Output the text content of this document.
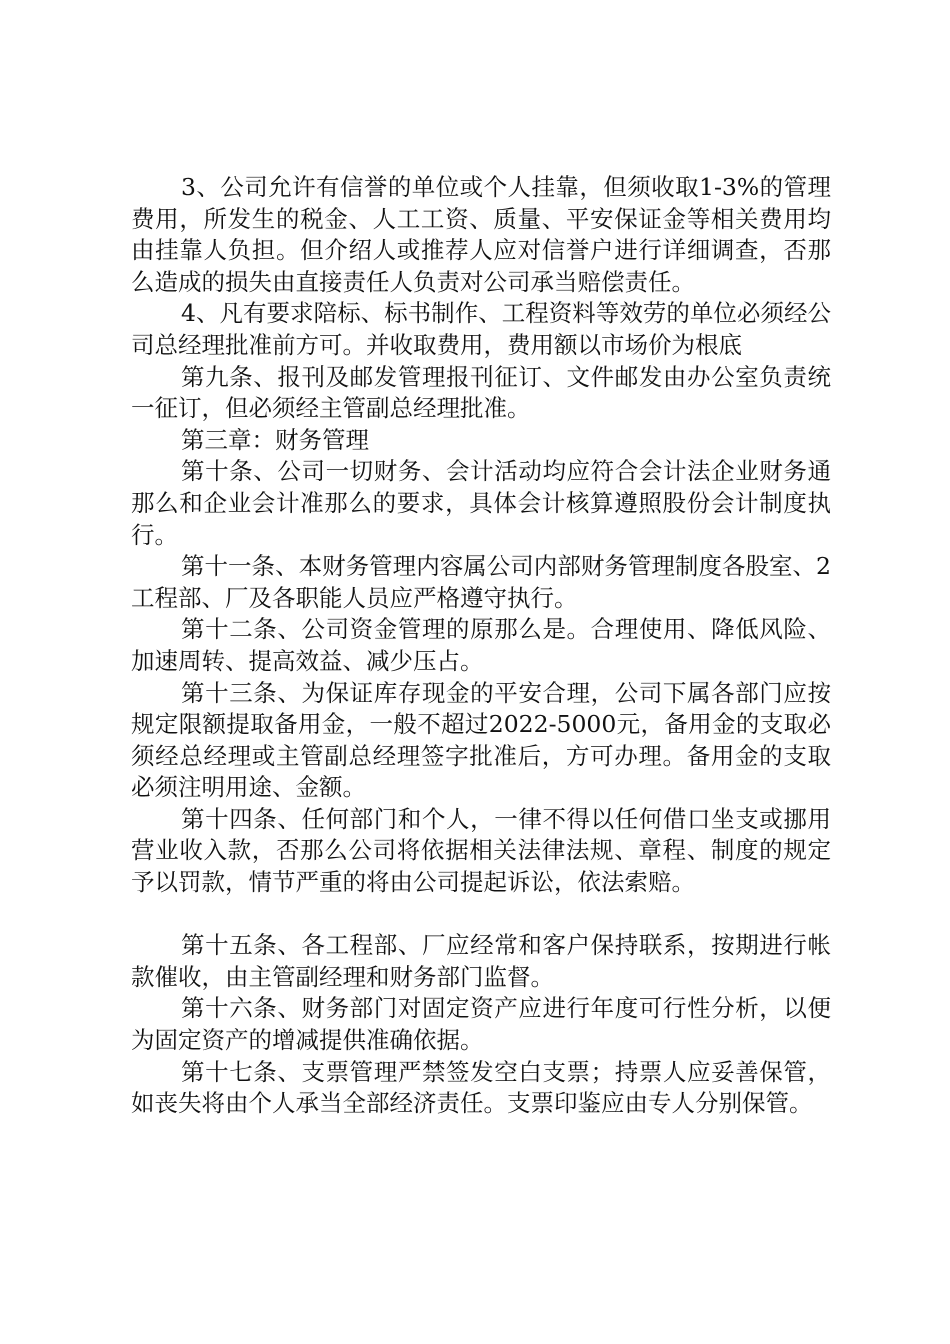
3、公司允许有信誉的单位或个人挂靠，但须收取1-3%的管理费用，所发生的税金、人工工资、质量、平安保证金等相关费用均由挂靠人负担。但介绍人或推荐人应对信誉户进行详细调查，否那么造成的损失由直接责任人负责对公司承当赔偿责任。

4、凡有要求陪标、标书制作、工程资料等效劳的单位必须经公司总经理批准前方可。并收取费用，费用额以市场价为根底

第九条、报刊及邮发管理报刊征订、文件邮发由办公室负责统一征订，但必须经主管副总经理批准。

第三章：财务管理

第十条、公司一切财务、会计活动均应符合会计法企业财务通那么和企业会计准那么的要求，具体会计核算遵照股份会计制度执行。

第十一条、本财务管理内容属公司内部财务管理制度各股室、2工程部、厂及各职能人员应严格遵守执行。

第十二条、公司资金管理的原那么是。合理使用、降低风险、加速周转、提高效益、减少压占。

第十三条、为保证库存现金的平安合理，公司下属各部门应按规定限额提取备用金，一般不超过2022-5000元，备用金的支取必须经总经理或主管副总经理签字批准后，方可办理。备用金的支取必须注明用途、金额。

第十四条、任何部门和个人，一律不得以任何借口坐支或挪用营业收入款，否那么公司将依据相关法律法规、章程、制度的规定予以罚款，情节严重的将由公司提起诉讼，依法索赔。

第十五条、各工程部、厂应经常和客户保持联系，按期进行帐款催收，由主管副经理和财务部门监督。

第十六条、财务部门对固定资产应进行年度可行性分析，以便为固定资产的增减提供准确依据。

第十七条、支票管理严禁签发空白支票；持票人应妥善保管，如丧失将由个人承当全部经济责任。支票印鉴应由专人分别保管。
